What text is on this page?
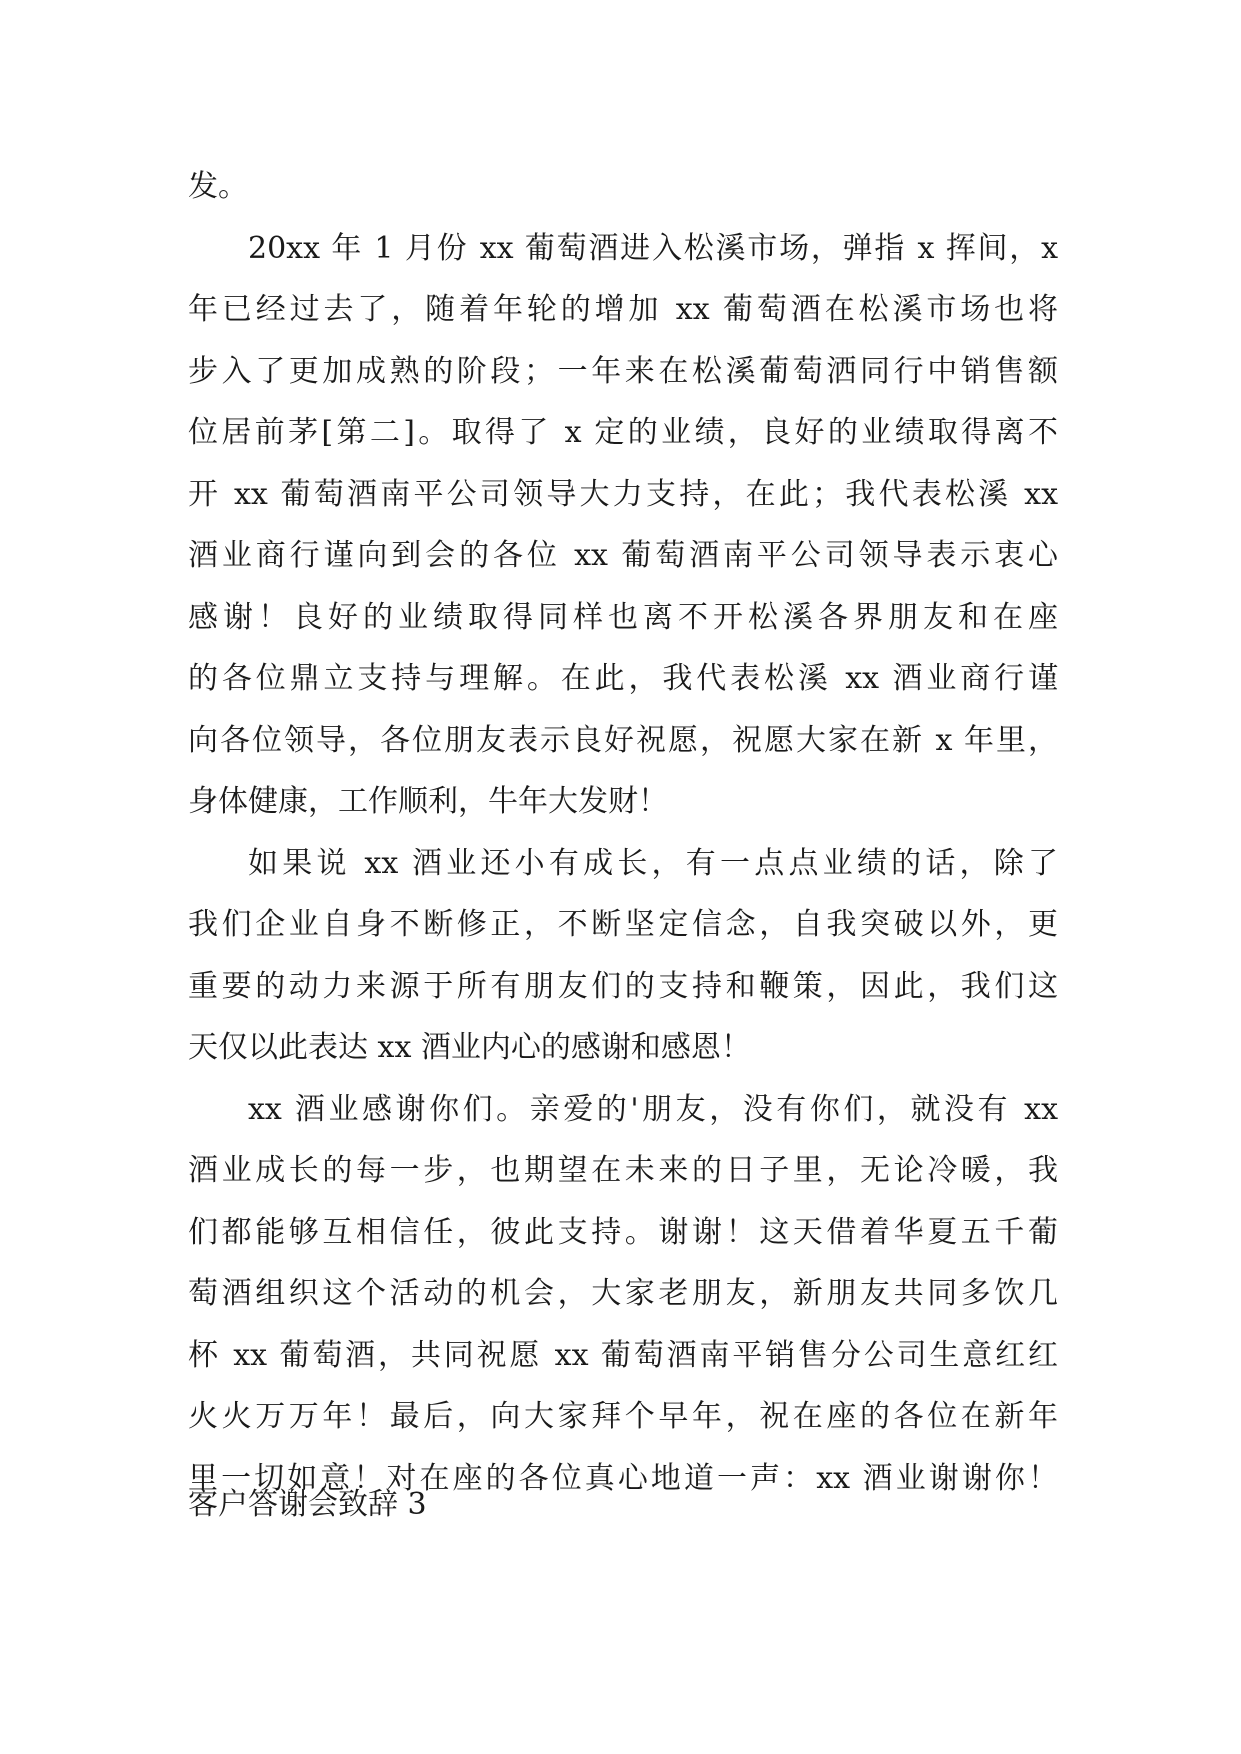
发。

20xx 年 1 月份 xx 葡萄酒进入松溪市场，弹指 x 挥间，x
年已经过去了，随着年轮的增加 xx 葡萄酒在松溪市场也将
步入了更加成熟的阶段；一年来在松溪葡萄洒同行中销售额
位居前茅[第二]。取得了 x 定的业绩，良好的业绩取得离不
开 xx 葡萄酒南平公司领导大力支持，在此；我代表松溪 xx
酒业商行谨向到会的各位 xx 葡萄酒南平公司领导表示衷心
感谢！良好的业绩取得同样也离不开松溪各界朋友和在座
的各位鼎立支持与理解。在此，我代表松溪 xx 酒业商行谨
向各位领导，各位朋友表示良好祝愿，祝愿大家在新 x 年里，
身体健康，工作顺利，牛年大发财！

如果说 xx 酒业还小有成长，有一点点业绩的话，除了
我们企业自身不断修正，不断坚定信念，自我突破以外，更
重要的动力来源于所有朋友们的支持和鞭策，因此，我们这
天仅以此表达 xx 酒业内心的感谢和感恩！

xx 酒业感谢你们。亲爱的'朋友，没有你们，就没有 xx
酒业成长的每一步，也期望在未来的日子里，无论冷暖，我
们都能够互相信任，彼此支持。谢谢！这天借着华夏五千葡
萄酒组织这个活动的机会，大家老朋友，新朋友共同多饮几
杯 xx 葡萄酒，共同祝愿 xx 葡萄酒南平销售分公司生意红红
火火万万年！最后，向大家拜个早年，祝在座的各位在新年
里一切如意！对在座的各位真心地道一声：xx 酒业谢谢你！

客户答谢会致辞 3
